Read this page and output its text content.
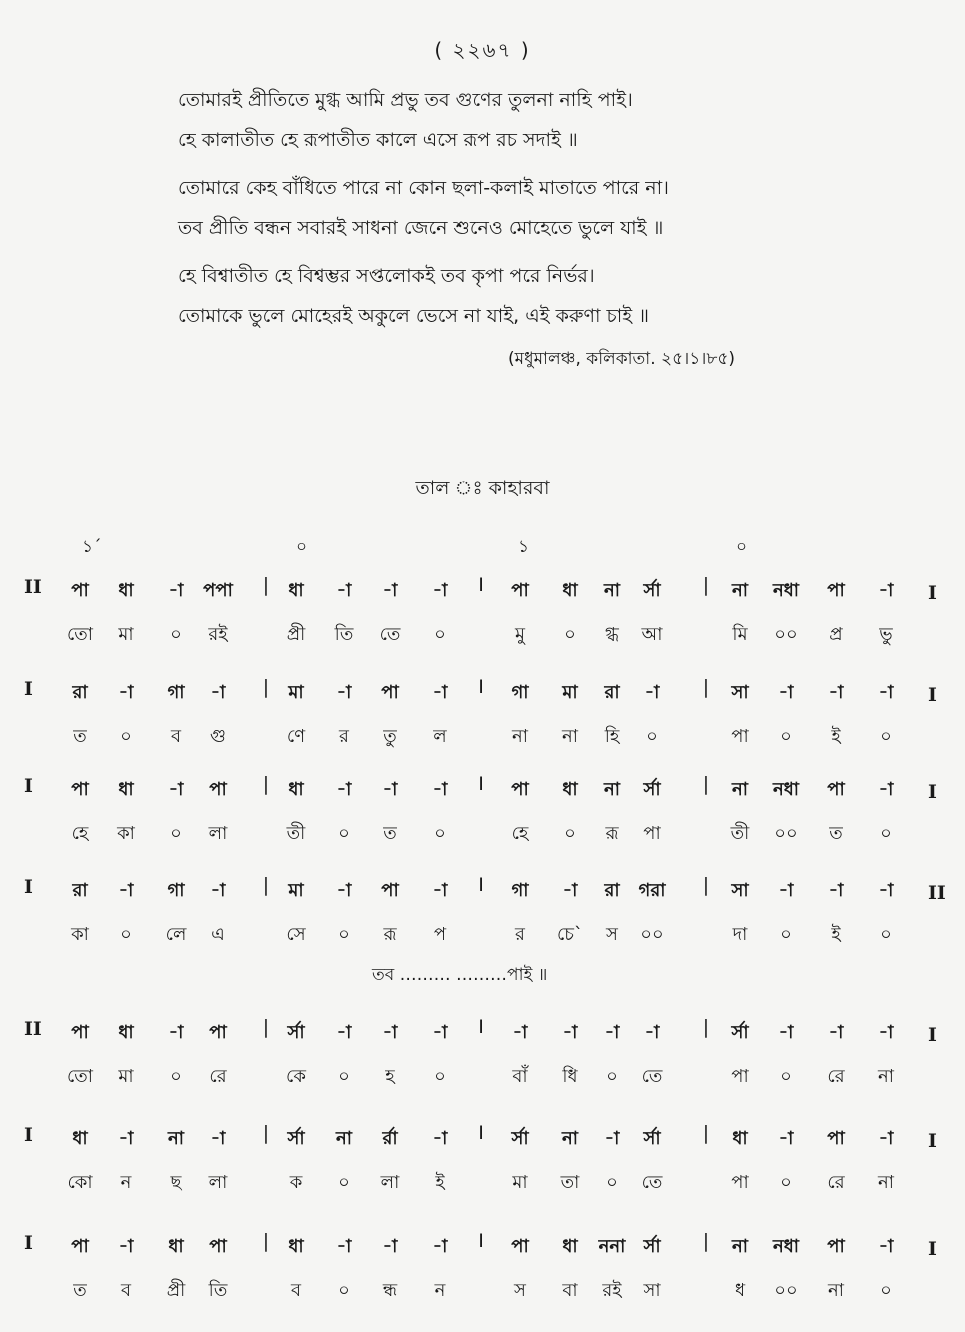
( ২২৬৭ )
তোমারই প্রীতিতে মুগ্ধ আমি প্রভু তব গুণের তুলনা নাহি পাই।
হে কালাতীত হে রূপাতীত কালে এসে রূপ রচ সদাই ॥
তোমারে কেহ বাঁধিতে পারে না কোন ছলা-কলাই মাতাতে পারে না।
তব প্রীতি বন্ধন সবারই সাধনা জেনে শুনেও মোহেতে ভুলে যাই ॥
হে বিশ্বাতীত হে বিশ্বম্ভর সপ্তলোকই তব কৃপা পরে নির্ভর।
তোমাকে ভুলে মোহেরই অকুলে ভেসে না যাই, এই করুণা চাই ॥
(মধুমালঞ্চ, কলিকাতা. ২৫।১।৮৫)
তাল ঃ কাহারবা
১´	০	১	০
II	I
পা ধা -া পপা | ধা -া -া -া I পা ধা না র্সা | না নধা পা -া
তো মা ০ রই	প্রী তি তে ০	মু ০ গ্ধ আ	মি ০০ প্র ভু
I	I
রা -া গা -া | মা -া পা -া I গা মা রা -া | সা -া -া -া
ত ০ ব গু	ণে র তু ল	না না হি ০	পা ০ ই ০
I	I
পা ধা -া পা | ধা -া -া -া I পা ধা না র্সা | না নধা পা -া
হে কা ০ লা	তী ০ ত ০	হে ০ রূ পা	তী ০০ ত ০
I	II
রা -া গা -া | মা -া পা -া I গা -া রা গরা | সা -া -া -া
কা ০ লে এ	সে ০ রূ প	র চে` স ০০	দা ০ ই ০
II	I
পা ধা -া পা | র্সা -া -া -া I -া -া -া -া | র্সা -া -া -া
তো মা ০ রে	কে ০ হ ০	বাঁ ধি ০ তে	পা ০ রে না
I	I
ধা -া না -া | র্সা না র্রা -া I র্সা না -া র্সা | ধা -া পা -া
কো ন ছ লা	ক ০ লা ই	মা তা ০ তে	পা ০ রে না
I	I
পা -া ধা পা | ধা -া -া -া I পা ধা ননা র্সা | না নধা পা -া
ত ব প্রী তি	ব ০ ন্ধ ন	স বা রই সা	ধ ০০ না ০
তব ……… ………পাই ॥
